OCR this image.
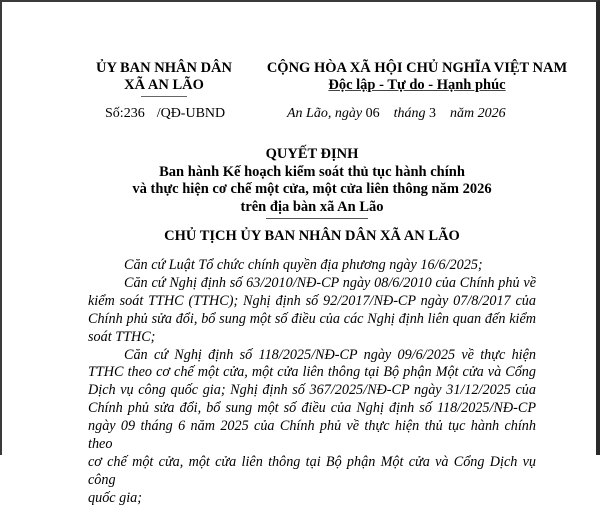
ỦY BAN NHÂN DÂN
XÃ AN LÃO
CỘNG HÒA XÃ HỘI CHỦ NGHĨA VIỆT NAM
Độc lập - Tự do - Hạnh phúc
Số:236 /QĐ-UBND	An Lão, ngày 06 tháng 3 năm 2026
QUYẾT ĐỊNH
Ban hành Kế hoạch kiểm soát thủ tục hành chính
và thực hiện cơ chế một cửa, một cửa liên thông năm 2026
trên địa bàn xã An Lão
CHỦ TỊCH ỦY BAN NHÂN DÂN XÃ AN LÃO

Căn cứ Luật Tổ chức chính quyền địa phương ngày 16/6/2025;

Căn cứ Nghị định số 63/2010/NĐ-CP ngày 08/6/2010 của Chính phủ về

kiểm soát TTHC (TTHC); Nghị định số 92/2017/NĐ-CP ngày 07/8/2017 của

Chính phủ sửa đổi, bổ sung một số điều của các Nghị định liên quan đến kiểm

soát TTHC;

Căn cứ Nghị định số 118/2025/NĐ-CP ngày 09/6/2025 về thực hiện

TTHC theo cơ chế một cửa, một cửa liên thông tại Bộ phận Một cửa và Cổng

Dịch vụ công quốc gia; Nghị định số 367/2025/NĐ-CP ngày 31/12/2025 của

Chính phủ sửa đổi, bổ sung một số điều của Nghị định số 118/2025/NĐ-CP

ngày 09 tháng 6 năm 2025 của Chính phủ về thực hiện thủ tục hành chính theo

cơ chế một cửa, một cửa liên thông tại Bộ phận Một cửa và Cổng Dịch vụ công

quốc gia;
